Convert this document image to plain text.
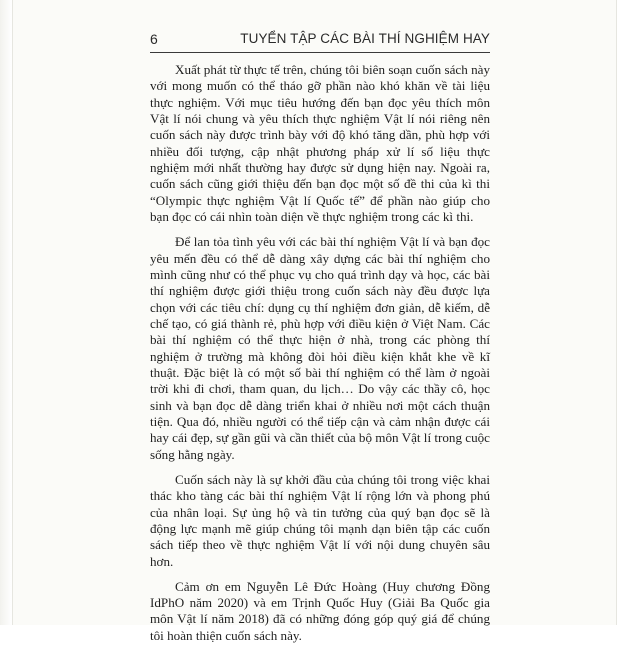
6	TUYỂN TẬP CÁC BÀI THÍ NGHIỆM HAY

Xuất phát từ thực tế trên, chúng tôi biên soạn cuốn sách này với mong muốn có thể tháo gỡ phần nào khó khăn về tài liệu thực nghiệm. Với mục tiêu hướng đến bạn đọc yêu thích môn Vật lí nói chung và yêu thích thực nghiệm Vật lí nói riêng nên cuốn sách này được trình bày với độ khó tăng dần, phù hợp với nhiều đối tượng, cập nhật phương pháp xử lí số liệu thực nghiệm mới nhất thường hay được sử dụng hiện nay. Ngoài ra, cuốn sách cũng giới thiệu đến bạn đọc một số đề thi của kì thi “Olympic thực nghiệm Vật lí Quốc tế” để phần nào giúp cho bạn đọc có cái nhìn toàn diện về thực nghiệm trong các kì thi.

Để lan tỏa tình yêu với các bài thí nghiệm Vật lí và bạn đọc yêu mến đều có thể dễ dàng xây dựng các bài thí nghiệm cho mình cũng như có thể phục vụ cho quá trình dạy và học, các bài thí nghiệm được giới thiệu trong cuốn sách này đều được lựa chọn với các tiêu chí: dụng cụ thí nghiệm đơn giản, dễ kiếm, dễ chế tạo, có giá thành rẻ, phù hợp với điều kiện ở Việt Nam. Các bài thí nghiệm có thể thực hiện ở nhà, trong các phòng thí nghiệm ở trường mà không đòi hỏi điều kiện khắt khe về kĩ thuật. Đặc biệt là có một số bài thí nghiệm có thể làm ở ngoài trời khi đi chơi, tham quan, du lịch… Do vậy các thầy cô, học sinh và bạn đọc dễ dàng triển khai ở nhiều nơi một cách thuận tiện. Qua đó, nhiều người có thể tiếp cận và cảm nhận được cái hay cái đẹp, sự gần gũi và cần thiết của bộ môn Vật lí trong cuộc sống hằng ngày.

Cuốn sách này là sự khởi đầu của chúng tôi trong việc khai thác kho tàng các bài thí nghiệm Vật lí rộng lớn và phong phú của nhân loại. Sự ủng hộ và tin tưởng của quý bạn đọc sẽ là động lực mạnh mẽ giúp chúng tôi mạnh dạn biên tập các cuốn sách tiếp theo về thực nghiệm Vật lí với nội dung chuyên sâu hơn.

Cảm ơn em Nguyễn Lê Đức Hoàng (Huy chương Đồng IdPhO năm 2020) và em Trịnh Quốc Huy (Giải Ba Quốc gia môn Vật lí năm 2018) đã có những đóng góp quý giá để chúng tôi hoàn thiện cuốn sách này.
